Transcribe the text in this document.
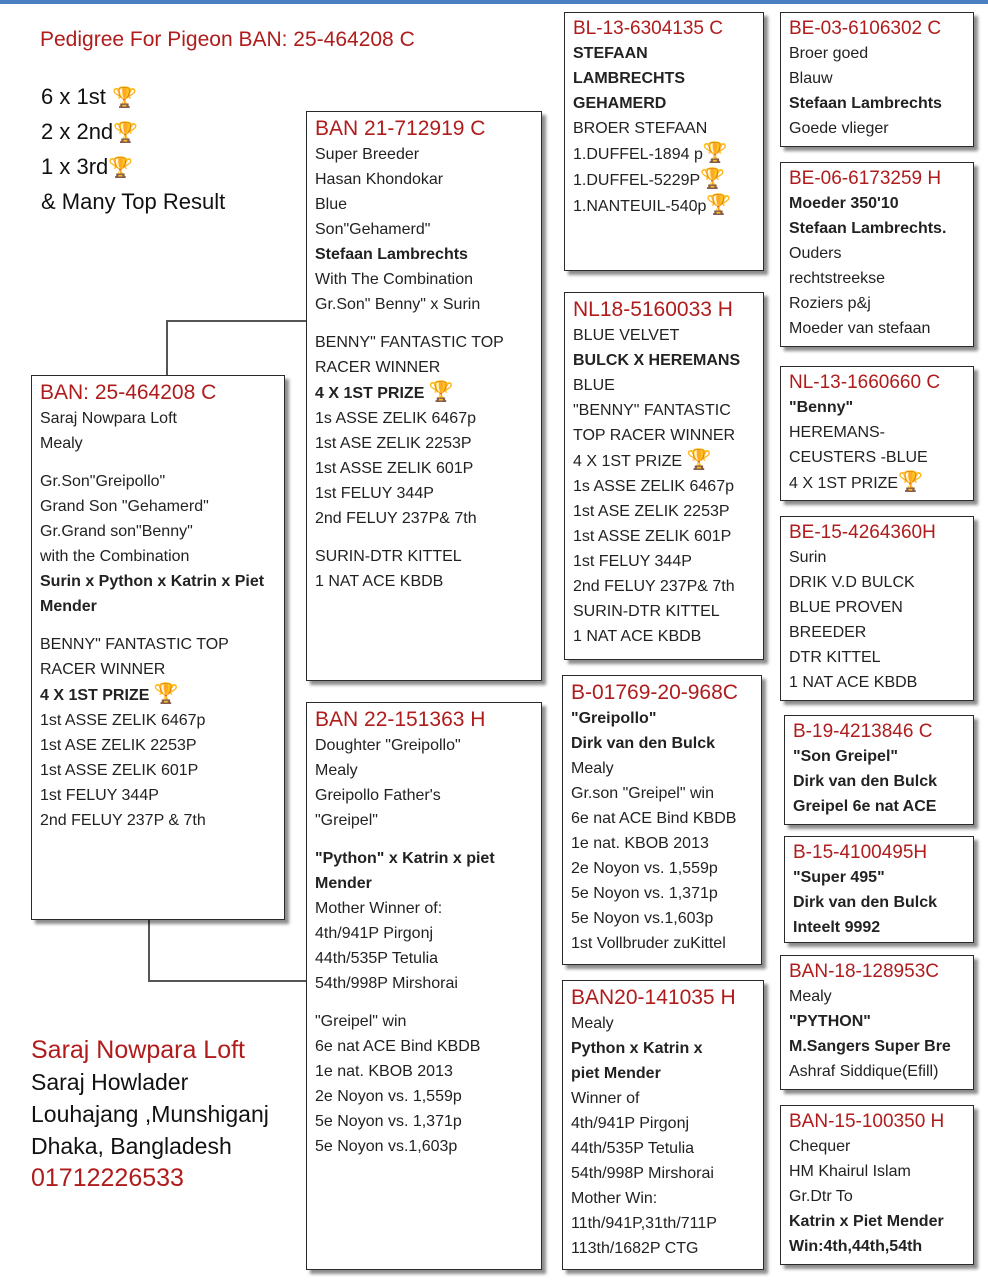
Pedigree For Pigeon BAN: 25-464208 C
6 x 1st 🏆
2 x 2nd🏆
1 x 3rd🏆
& Many Top Result
BAN: 25-464208 C
Saraj Nowpara Loft
Mealy
Gr.Son"Greipollo"
Grand Son "Gehamerd"
Gr.Grand son"Benny"
with the Combination
Surin x Python x Katrin x Piet
Mender
BENNY" FANTASTIC TOP
RACER WINNER
4 X 1ST PRIZE 🏆
1st ASSE ZELIK 6467p
1st ASE ZELIK 2253P
1st ASSE ZELIK 601P
1st FELUY 344P
2nd FELUY 237P & 7th
BAN 21-712919 C
Super Breeder
Hasan Khondokar
Blue
Son"Gehamerd"
Stefaan Lambrechts
With The Combination
Gr.Son" Benny" x Surin
BENNY" FANTASTIC TOP
RACER WINNER
4 X 1ST PRIZE 🏆
1s ASSE ZELIK 6467p
1st ASE ZELIK 2253P
1st ASSE ZELIK 601P
1st FELUY 344P
2nd FELUY 237P& 7th
SURIN-DTR KITTEL
1 NAT ACE KBDB
BAN 22-151363 H
Doughter "Greipollo"
Mealy
Greipollo Father's
"Greipel"
"Python" x Katrin x piet
Mender
Mother Winner of:
4th/941P Pirgonj
44th/535P Tetulia
54th/998P Mirshorai
"Greipel" win
6e nat ACE Bind KBDB
1e nat. KBOB 2013
2e Noyon vs. 1,559p
5e Noyon vs. 1,371p
5e Noyon vs.1,603p
BL-13-6304135 C
STEFAAN
LAMBRECHTS
GEHAMERD
BROER STEFAAN
1.DUFFEL-1894 p🏆
1.DUFFEL-5229P🏆
1.NANTEUIL-540p🏆
NL18-5160033 H
BLUE VELVET
BULCK X HEREMANS
BLUE
"BENNY" FANTASTIC
TOP RACER WINNER
4 X 1ST PRIZE 🏆
1s ASSE ZELIK 6467p
1st ASE ZELIK 2253P
1st ASSE ZELIK 601P
1st FELUY 344P
2nd FELUY 237P& 7th
SURIN-DTR KITTEL
1 NAT ACE KBDB
B-01769-20-968C
"Greipollo"
Dirk van den Bulck
Mealy
Gr.son "Greipel" win
6e nat ACE Bind KBDB
1e nat. KBOB 2013
2e Noyon vs. 1,559p
5e Noyon vs. 1,371p
5e Noyon vs.1,603p
1st Vollbruder zuKittel
BAN20-141035 H
Mealy
Python x Katrin x
piet Mender
Winner of
4th/941P Pirgonj
44th/535P Tetulia
54th/998P Mirshorai
Mother Win:
11th/941P,31th/711P
113th/1682P CTG
BE-03-6106302 C
Broer goed
Blauw
Stefaan Lambrechts
Goede vlieger
BE-06-6173259 H
Moeder 350'10
Stefaan Lambrechts.
Ouders
rechtstreekse
Roziers p&j
Moeder van stefaan
NL-13-1660660 C
"Benny"
HEREMANS-
CEUSTERS -BLUE
4 X 1ST PRIZE🏆
BE-15-4264360H
Surin
DRIK V.D BULCK
BLUE PROVEN
BREEDER
DTR KITTEL
1 NAT ACE KBDB
B-19-4213846 C
"Son Greipel"
Dirk van den Bulck
Greipel 6e nat ACE
B-15-4100495H
"Super 495"
Dirk van den Bulck
Inteelt 9992
BAN-18-128953C
Mealy
"PYTHON"
M.Sangers Super Bre
Ashraf Siddique(Efill)
BAN-15-100350 H
Chequer
HM Khairul Islam
Gr.Dtr To
Katrin x Piet Mender
Win:4th,44th,54th
Saraj Nowpara Loft
Saraj Howlader
Louhajang ,Munshiganj
Dhaka, Bangladesh
01712226533
